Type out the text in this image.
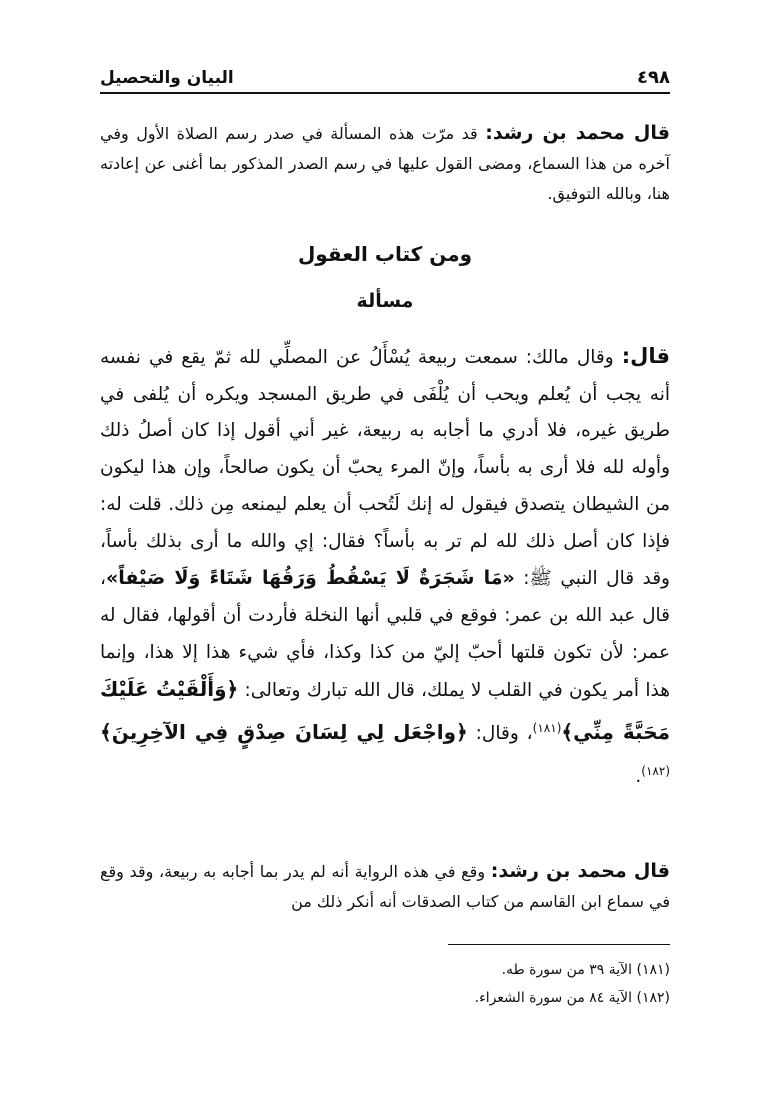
٤٩٨
البيان والتحصيل
قال محمد بن رشد: قد مرّت هذه المسألة في صدر رسم الصلاة الأول وفي آخره من هذا السماع، ومضى القول عليها في رسم الصدر المذكور بما أغنى عن إعادته هنا، وبالله التوفيق.
ومن كتاب العقول
مسألة
قال: وقال مالك: سمعت ربيعة يُسْأَلُ عن المصلِّي لله ثمّ يقع في نفسه أنه يجب أن يُعلم ويحب أن يُلْفَى في طريق المسجد ويكره أن يُلفى في طريق غيره، فلا أدري ما أجابه به ربيعة، غير أني أقول إذا كان أصلُ ذلك وأوله لله فلا أرى به بأساً، وإنّ المرء يحبّ أن يكون صالحاً، وإن هذا ليكون من الشيطان يتصدق فيقول له إنك لَتُحب أن يعلم ليمنعه مِن ذلك. قلت له: فإذا كان أصل ذلك لله لم تر به بأساً؟ فقال: إي والله ما أرى بذلك بأساً، وقد قال النبي ﷺ: «مَا شَجَرَةٌ لَا يَسْقُطُ وَرَقُهَا شَتَاءً وَلَا صَيْفاً»، قال عبد الله بن عمر: فوقع في قلبي أنها النخلة فأردت أن أقولها، فقال له عمر: لأن تكون قلتها أحبّ إليّ من كذا وكذا، فأي شيء هذا إلا هذا، وإنما هذا أمر يكون في القلب لا يملك، قال الله تبارك وتعالى: ﴿وَأَلْقَيْتُ عَلَيْكَ مَحَبَّةً مِنِّي﴾$^{(١٨١)}$، وقال: ﴿واجْعَل لِي لِسَانَ صِدْقٍ فِي الآخِرِينَ﴾$^{(١٨٢)}$.
قال محمد بن رشد: وقع في هذه الرواية أنه لم يدر بما أجابه به ربيعة، وقد وقع في سماع ابن القاسم من كتاب الصدقات أنه أنكر ذلك من
(١٨١) الآية ٣٩ من سورة طه.
(١٨٢) الآية ٨٤ من سورة الشعراء.
